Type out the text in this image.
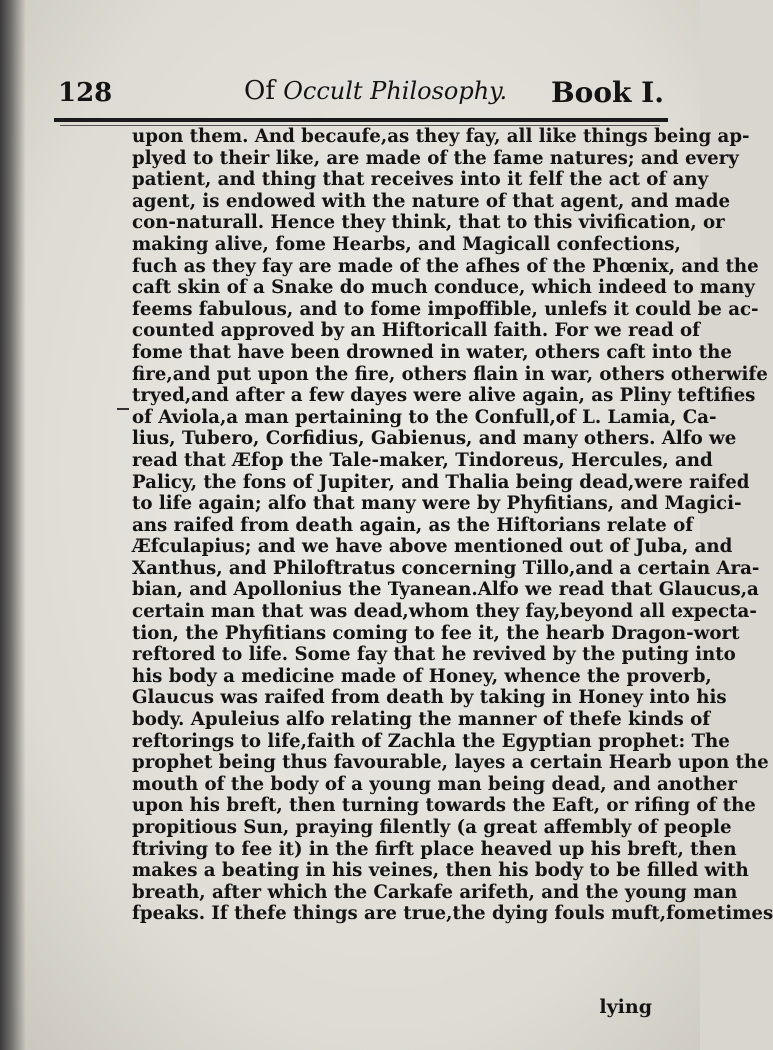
128	Of Occult Philosophy. Book I.
upon them. And becaufe,as they fay, all like things being ap-
plyed to their like, are made of the fame natures; and every
patient, and thing that receives into it felf the act of any
agent, is endowed with the nature of that agent, and made
con-naturall. Hence they think, that to this vivification, or
making alive, fome Hearbs, and Magicall confections,
fuch as they fay are made of the afhes of the Phœnix, and the
caft skin of a Snake do much conduce, which indeed to many
feems fabulous, and to fome impoffible, unlefs it could be ac-
counted approved by an Hiftoricall faith. For we read of
fome that have been drowned in water, others caft into the
fire,and put upon the fire, others flain in war, others otherwife
tryed,and after a few dayes were alive again, as Pliny teftifies
of Aviola,a man pertaining to the Confull,of L. Lamia, Ca-
lius, Tubero, Corfidius, Gabienus, and many others. Alfo we
read that Æfop the Tale-maker, Tindoreus, Hercules, and
Palicy, the fons of Jupiter, and Thalia being dead,were raifed
to life again; alfo that many were by Phyfitians, and Magici-
ans raifed from death again, as the Hiftorians relate of
Æfculapius; and we have above mentioned out of Juba, and
Xanthus, and Philoftratus concerning Tillo,and a certain Ara-
bian, and Apollonius the Tyanean.Alfo we read that Glaucus,a
certain man that was dead,whom they fay,beyond all expecta-
tion, the Phyfitians coming to fee it, the hearb Dragon-wort
reftored to life. Some fay that he revived by the puting into
his body a medicine made of Honey, whence the proverb,
Glaucus was raifed from death by taking in Honey into his
body. Apuleius alfo relating the manner of thefe kinds of
reftorings to life,faith of Zachla the Egyptian prophet: The
prophet being thus favourable, layes a certain Hearb upon the
mouth of the body of a young man being dead, and another
upon his breft, then turning towards the Eaft, or rifing of the
propitious Sun, praying filently (a great affembly of people
ftriving to fee it) in the firft place heaved up his breft, then
makes a beating in his veines, then his body to be filled with
breath, after which the Carkafe arifeth, and the young man
fpeaks. If thefe things are true,the dying fouls muft,fometimes
lying
